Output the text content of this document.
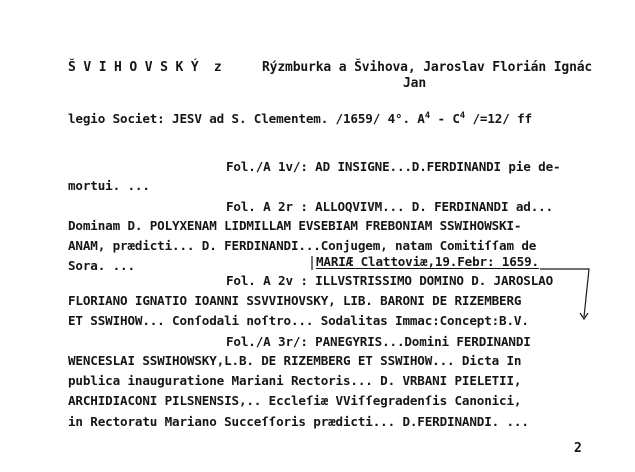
Š V I H O V S K Ý  z	Rýzmburka a Švihova, Jaroslav Florián Ignác
Jan
legio Societ: JESV ad S. Clementem. /1659/ 4°. $A^4 - C^4$ /=12/ ff
Fol./A 1v/: AD INSIGNE...D.FERDINANDI pie de-
mortui. ...
Fol. A 2r : ALLOQVIVM... D. FERDINANDI ad...
Dominam D. POLYXENAM LIDMILLAM EVSEBIAM FREBONIAM SSWIHOWSKI-
ANAM, prædicti... D. FERDINANDI...Conjugem, natam Comitiſſam de
Sora. ...	MARIÆ Clattoviæ,19.Febr: 1659.
Fol. A 2v : ILLVSTRISSIMO DOMINO D. JAROSLAO
FLORIANO IGNATIO IOANNI SSVVIHOVSKY, LIB. BARONI DE RIZEMBERG
ET SSWIHOW... Conſodali noſtro... Sodalitas Immac:Concept:B.V.
Fol./A 3r/: PANEGYRIS...Domini FERDINANDI
WENCESLAI SSWIHOWSKY,L.B. DE RIZEMBERG ET SSWIHOW... Dicta In
publica inauguratione Mariani Rectoris... D. VRBANI PIELETII,
ARCHIDIACONI PILSNENSIS,.. Eccleſiæ VViſſegradenſis Canonici,
in Rectoratu Mariano Succeſſoris prædicti... D.FERDINANDI. ...
2
